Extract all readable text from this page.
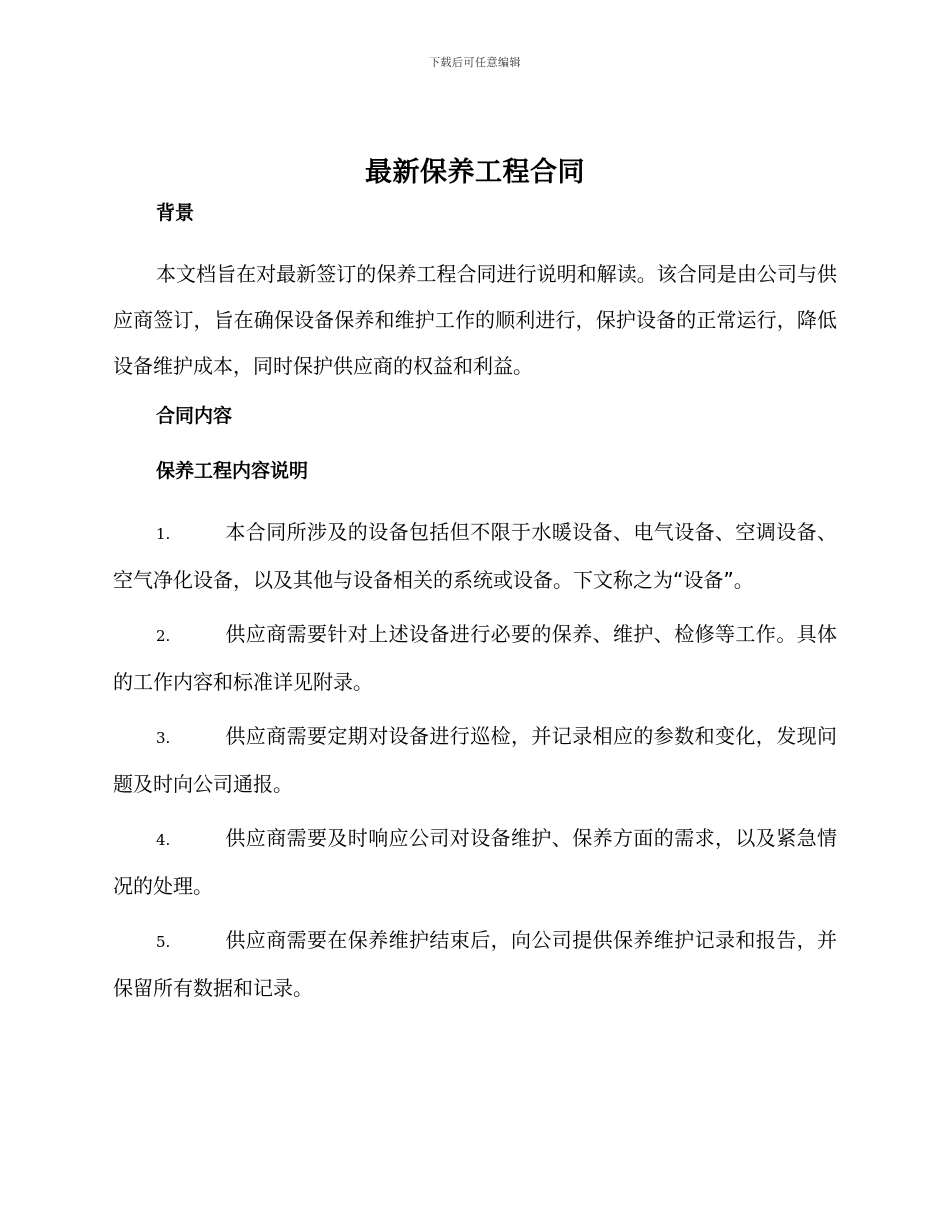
下载后可任意编辑
最新保养工程合同
背景

本文档旨在对最新签订的保养工程合同进行说明和解读。该合同是由公司与供应商签订，旨在确保设备保养和维护工作的顺利进行，保护设备的正常运行，降低设备维护成本，同时保护供应商的权益和利益。

合同内容
保养工程内容说明

1.	本合同所涉及的设备包括但不限于水暖设备、电气设备、空调设备、空气净化设备，以及其他与设备相关的系统或设备。下文称之为“设备”。

2.	供应商需要针对上述设备进行必要的保养、维护、检修等工作。具体的工作内容和标准详见附录。

3.	供应商需要定期对设备进行巡检，并记录相应的参数和变化，发现问题及时向公司通报。

4.	供应商需要及时响应公司对设备维护、保养方面的需求，以及紧急情况的处理。

5.	供应商需要在保养维护结束后，向公司提供保养维护记录和报告，并保留所有数据和记录。
